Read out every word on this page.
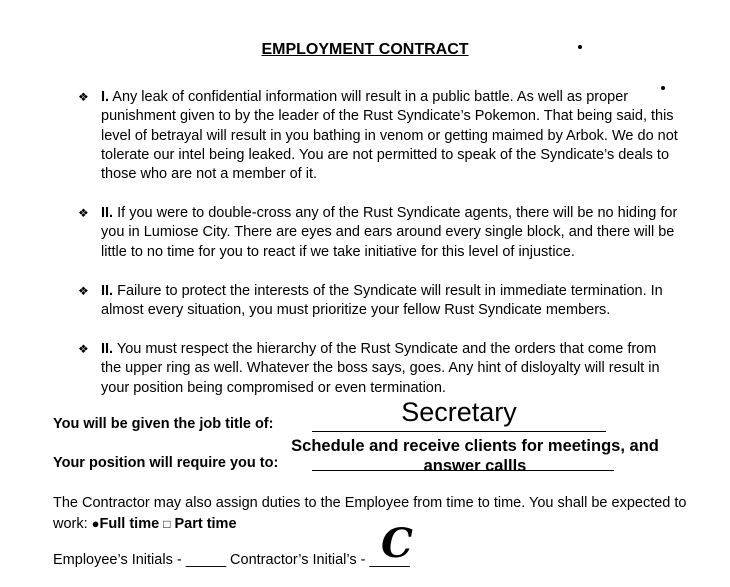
EMPLOYMENT CONTRACT
❖ I. Any leak of confidential information will result in a public battle. As well as proper punishment given to by the leader of the Rust Syndicate’s Pokemon. That being said, this level of betrayal will result in you bathing in venom or getting maimed by Arbok. We do not tolerate our intel being leaked. You are not permitted to speak of the Syndicate’s deals to those who are not a member of it.
❖ II. If you were to double-cross any of the Rust Syndicate agents, there will be no hiding for you in Lumiose City. There are eyes and ears around every single block, and there will be little to no time for you to react if we take initiative for this level of injustice.
❖ II. Failure to protect the interests of the Syndicate will result in immediate termination. In almost every situation, you must prioritize your fellow Rust Syndicate members.
❖ II. You must respect the hierarchy of the Rust Syndicate and the orders that come from the upper ring as well. Whatever the boss says, goes. Any hint of disloyalty will result in your position being compromised or even termination.
You will be given the job title of:	Secretary
Your position will require you to:
Schedule and receive clients for meetings, and answer callls
The Contractor may also assign duties to the Employee from time to time. You shall be expected to work: ●Full time □ Part time
Employee’s Initials - _____ Contractor’s Initial’s - _____
C
